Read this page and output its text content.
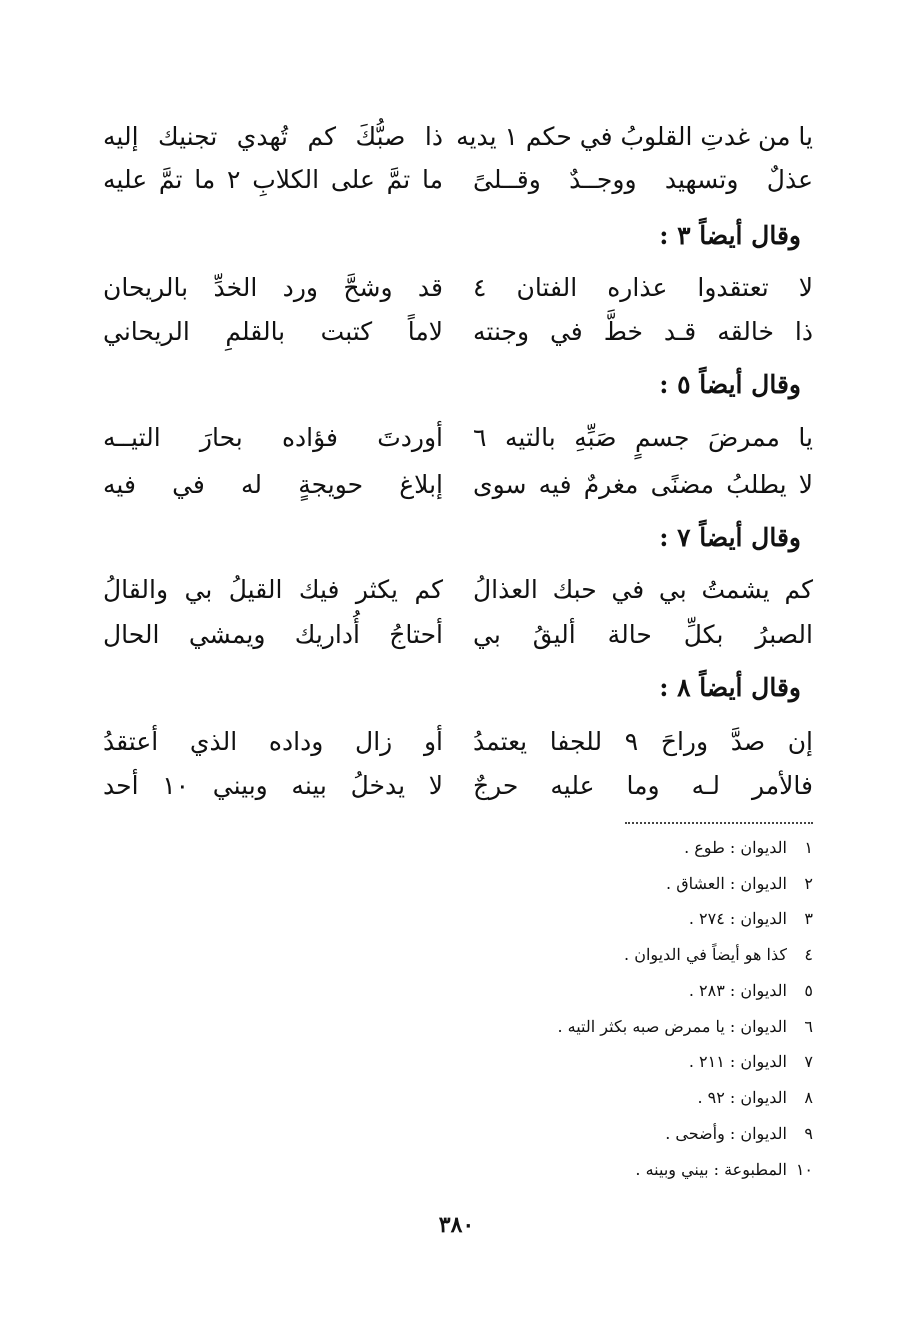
يا من غدتِ القلوبُ في حكم ١ يديه
ذا صبُّكَ كم تُهدي تجنيك إليه
عذلٌ وتسهيد ووجــدٌ وقــلىً
ما تمَّ على الكلابِ ٢ ما تمَّ عليه
وقال أيضاً ٣ :
لا تعتقدوا عذاره الفتان ٤
قد وشحَّ ورد الخدِّ بالريحان
ذا خالقه قـد خطَّ في وجنته
لاماً كتبت بالقلمِ الريحاني
وقال أيضاً ٥ :
يا ممرضَ جسمٍ صَبِّهِ بالتيه ٦
أوردتَ فؤاده بحارَ التيــه
لا يطلبُ مضنًى مغرمٌ فيه سوى
إبلاغ حويجةٍ له في فيه
وقال أيضاً ٧ :
كم يشمتُ بي في حبك العذالُ
كم يكثر فيك القيلُ بي والقالُ
الصبرُ بكلِّ حالة أليقُ بي
أحتاجُ أُداريك ويمشي الحال
وقال أيضاً ٨ :
إن صدَّ وراحَ ٩ للجفا يعتمدُ
أو زال وداده الذي أعتقدُ
فالأمر لـه وما عليه حرجٌ
لا يدخلُ بينه وبيني ١٠ أحد
١الديوان : طوع .
٢الديوان : العشاق .
٣الديوان : ٢٧٤ .
٤كذا هو أيضاً في الديوان .
٥الديوان : ٢٨٣ .
٦الديوان : يا ممرض صبه بكثر التيه .
٧الديوان : ٢١١ .
٨الديوان : ٩٢ .
٩الديوان : وأضحى .
١٠المطبوعة : بيني وبينه .
٣٨٠
